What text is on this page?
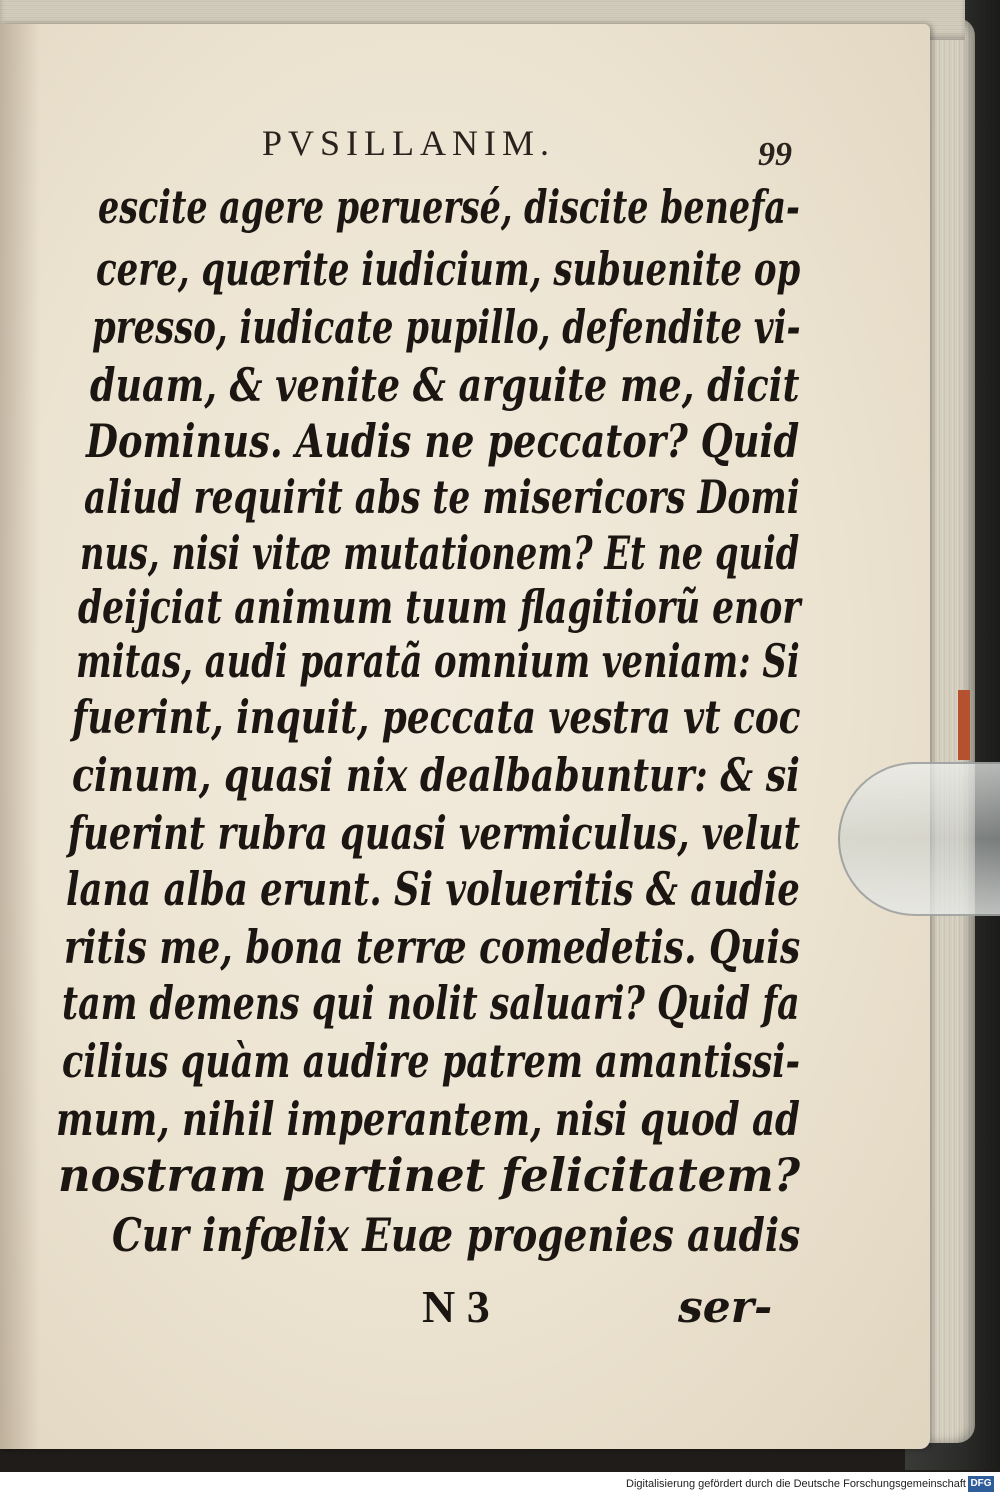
PVSILLANIM.	99
escite agere peruersé, discite benefa-
cere, quærite iudicium, subuenite op
presso, iudicate pupillo, defendite vi-
duam, & venite & arguite me, dicit
Dominus. Audis ne peccator? Quid
aliud requirit abs te misericors Domi
nus, nisi vitæ mutationem? Et ne quid
deijciat animum tuum flagitiorũ enor
mitas, audi paratã omnium veniam: Si
fuerint, inquit, peccata vestra vt coc
cinum, quasi nix dealbabuntur: & si
fuerint rubra quasi vermiculus, velut
lana alba erunt. Si volueritis & audie
ritis me, bona terræ comedetis. Quis
tam demens qui nolit saluari? Quid fa
cilius quàm audire patrem amantissi-
mum, nihil imperantem, nisi quod ad
nostram pertinet felicitatem?
Cur infœlix Euæ progenies audis
N 3	ser-
Digitalisierung gefördert durch die Deutsche Forschungsgemeinschaft DFG
